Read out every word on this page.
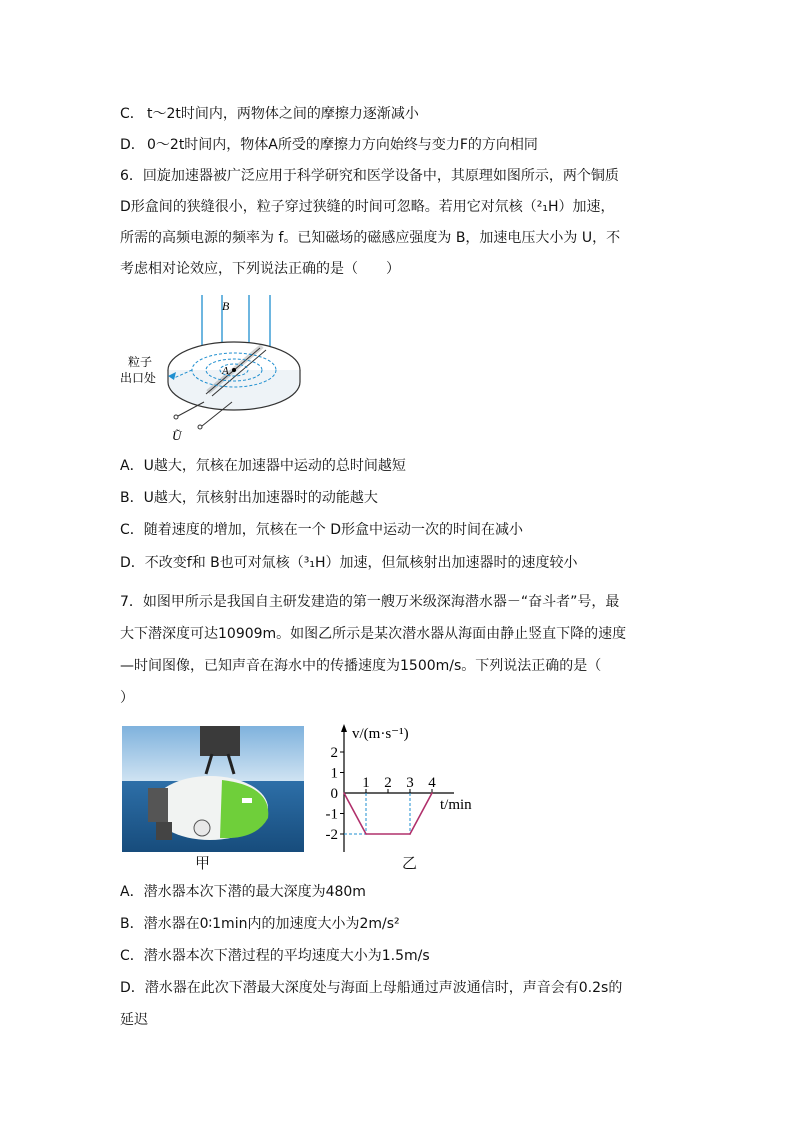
C． t～2t时间内，两物体之间的摩擦力逐渐减小
D． 0～2t时间内，物体A所受的摩擦力方向始终与变力F的方向相同
6．回旋加速器被广泛应用于科学研究和医学设备中，其原理如图所示，两个铜质
D形盒间的狭缝很小，粒子穿过狭缝的时间可忽略。若用它对氘核（²₁H）加速，
所需的高频电源的频率为 f。已知磁场的磁感应强度为 B，加速电压大小为 U，不
考虑相对论效应，下列说法正确的是（　　）
B
A
粒子
出口处
U͂
A．U越大，氘核在加速器中运动的总时间越短
B．U越大，氘核射出加速器时的动能越大
C．随着速度的增加，氘核在一个 D形盒中运动一次的时间在减小
D．不改变f和 B也可对氚核（³₁H）加速，但氚核射出加速器时的速度较小
7．如图甲所示是我国自主研发建造的第一艘万米级深海潜水器－“奋斗者”号，最
大下潜深度可达10909m。如图乙所示是某次潜水器从海面由静止竖直下降的速度
—时间图像，已知声音在海水中的传播速度为1500m/s。下列说法正确的是（
）
甲
v/(m·s⁻¹)
t/min
2
1
0
-1
-2
1 2 3 4
乙
A．潜水器本次下潜的最大深度为480m
B．潜水器在0∶1min内的加速度大小为2m/s²
C．潜水器本次下潜过程的平均速度大小为1.5m/s
D．潜水器在此次下潜最大深度处与海面上母船通过声波通信时，声音会有0.2s的
延迟
